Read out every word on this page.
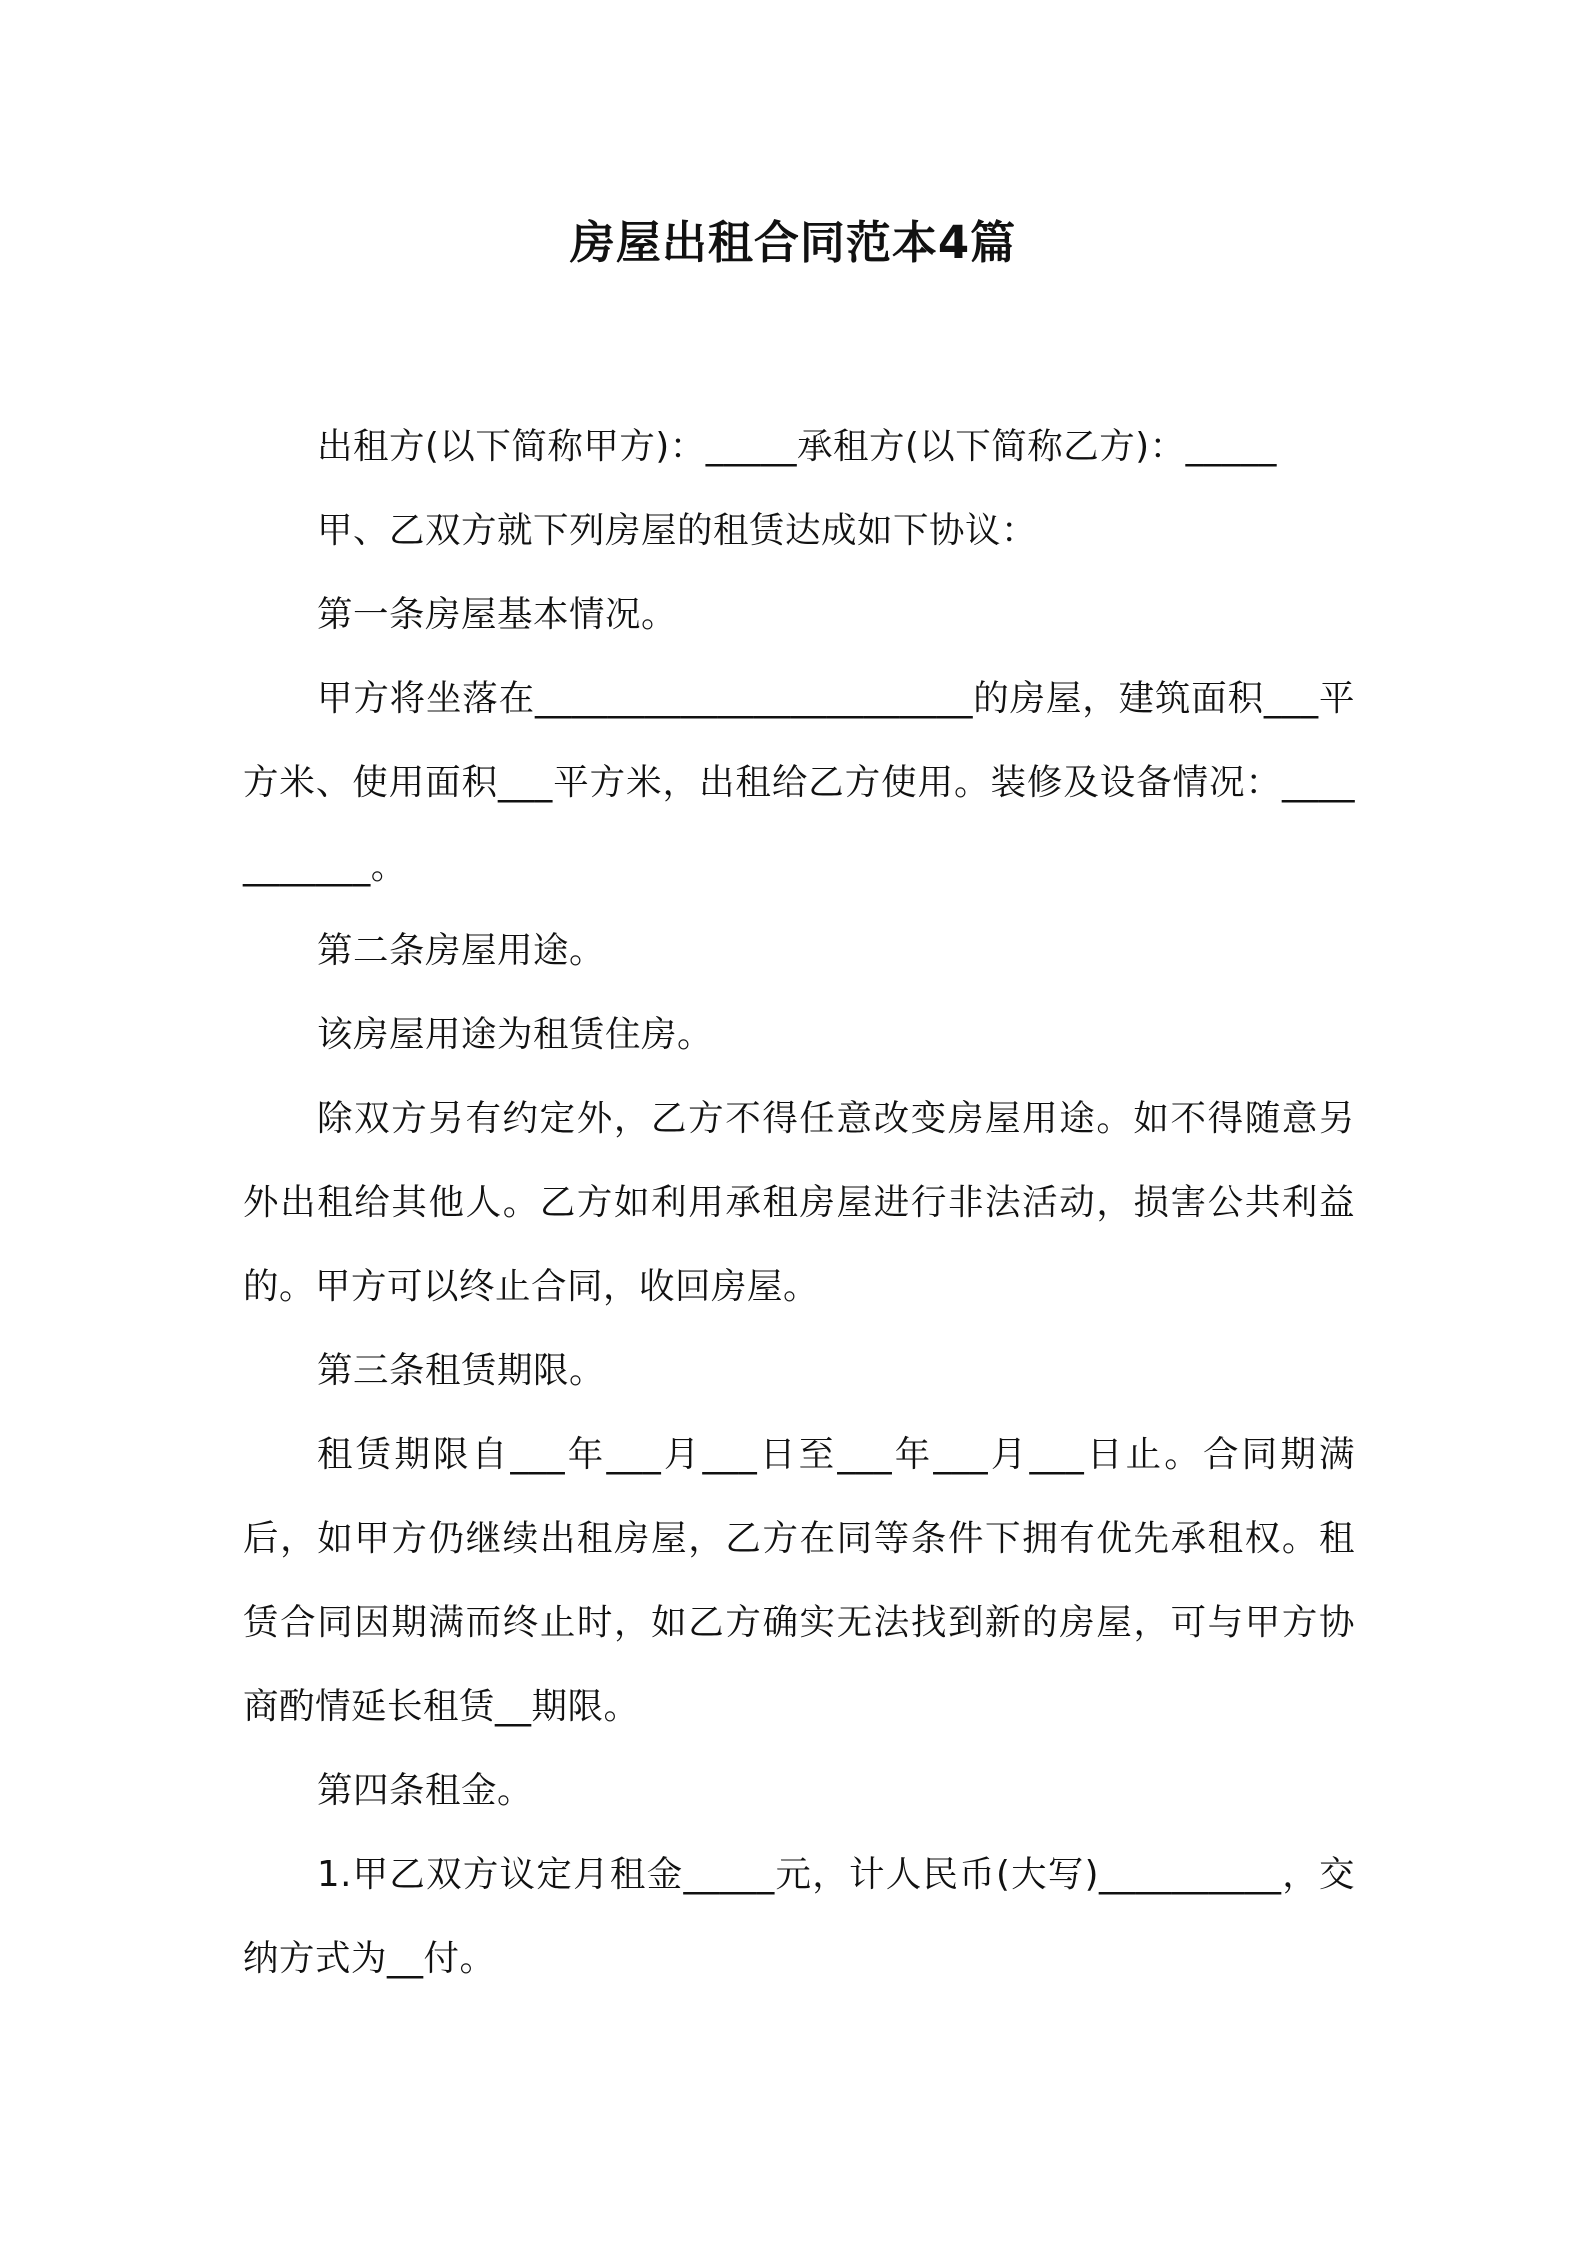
房屋出租合同范本4篇

出租方(以下简称甲方)：_____承租方(以下简称乙方)：_____

甲、乙双方就下列房屋的租赁达成如下协议：

第一条房屋基本情况。

甲方将坐落在________________________的房屋，建筑面积___平方米、使用面积___平方米，出租给乙方使用。装修及设备情况：___________。

第二条房屋用途。

该房屋用途为租赁住房。

除双方另有约定外，乙方不得任意改变房屋用途。如不得随意另外出租给其他人。乙方如利用承租房屋进行非法活动，损害公共利益的。甲方可以终止合同，收回房屋。

第三条租赁期限。

租赁期限自___年___月___日至___年___月___日止。合同期满后，如甲方仍继续出租房屋，乙方在同等条件下拥有优先承租权。租赁合同因期满而终止时，如乙方确实无法找到新的房屋，可与甲方协商酌情延长租赁__期限。

第四条租金。

1.甲乙双方议定月租金_____元，计人民币(大写)__________，交纳方式为__付。
